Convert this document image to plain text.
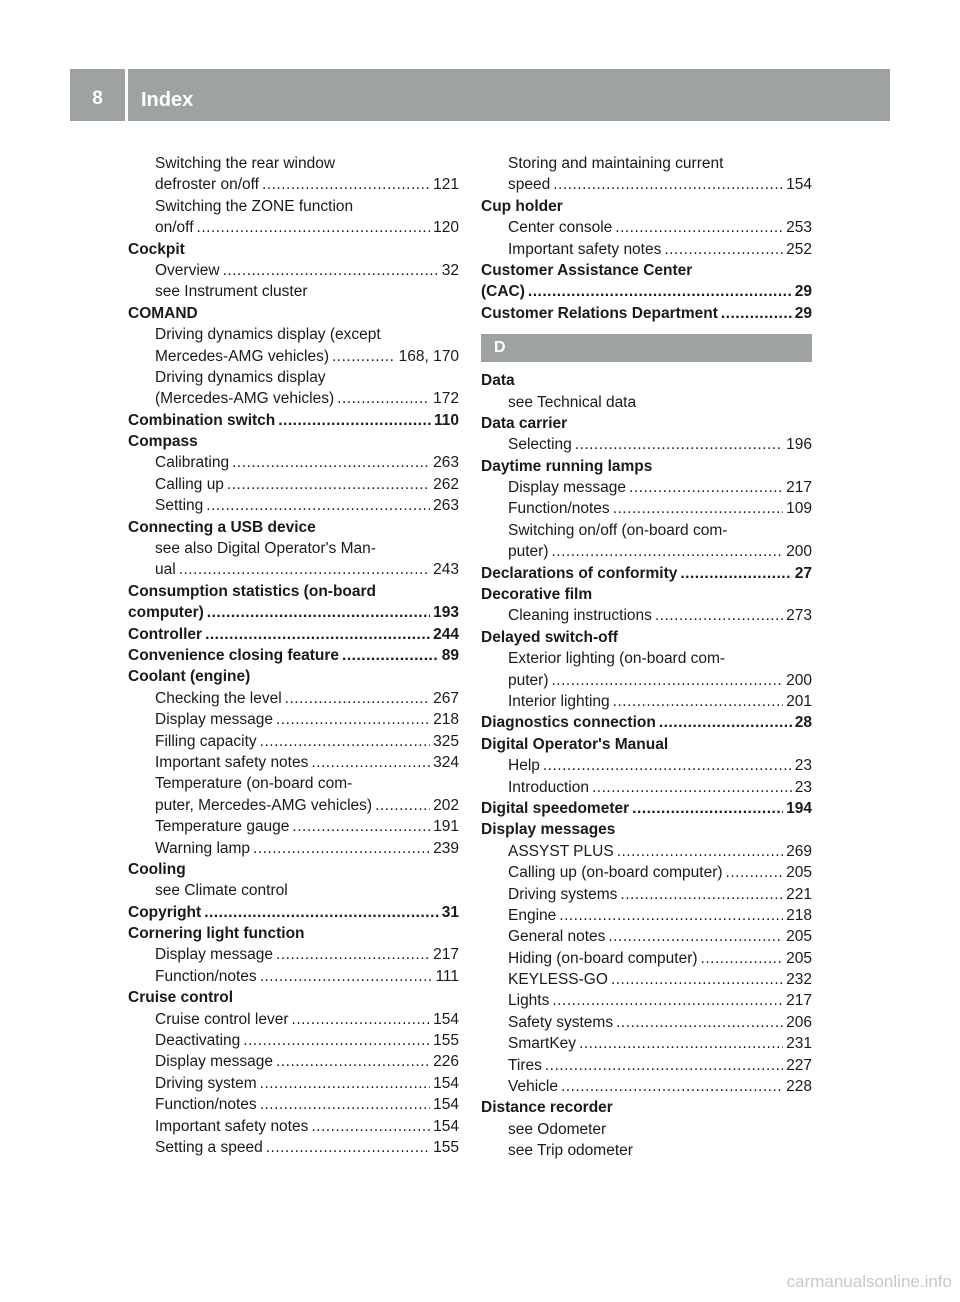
8	Index
Switching the rear window
defroster on/off .....	121
Switching the ZONE function
on/off .....	120
Cockpit
Overview .....	32
see Instrument cluster
COMAND
Driving dynamics display (except
Mercedes-AMG vehicles) .....	168, 170
Driving dynamics display
(Mercedes-AMG vehicles) .....	172
Combination switch .....	110
Compass
Calibrating .....	263
Calling up .....	262
Setting .....	263
Connecting a USB device
see also Digital Operator's Man-
ual .....	243
Consumption statistics (on-board
computer) .....	193
Controller .....	244
Convenience closing feature .....	89
Coolant (engine)
Checking the level .....	267
Display message .....	218
Filling capacity .....	325
Important safety notes .....	324
Temperature (on-board com-
puter, Mercedes-AMG vehicles) .....	202
Temperature gauge .....	191
Warning lamp .....	239
Cooling
see Climate control
Copyright .....	31
Cornering light function
Display message .....	217
Function/notes .....	111
Cruise control
Cruise control lever .....	154
Deactivating .....	155
Display message .....	226
Driving system .....	154
Function/notes .....	154
Important safety notes .....	154
Setting a speed .....	155
Storing and maintaining current
speed .....	154
Cup holder
Center console .....	253
Important safety notes .....	252
Customer Assistance Center
(CAC) .....	29
Customer Relations Department .....	29
D
Data
see Technical data
Data carrier
Selecting .....	196
Daytime running lamps
Display message .....	217
Function/notes .....	109
Switching on/off (on-board com-
puter) .....	200
Declarations of conformity .....	27
Decorative film
Cleaning instructions .....	273
Delayed switch-off
Exterior lighting (on-board com-
puter) .....	200
Interior lighting .....	201
Diagnostics connection .....	28
Digital Operator's Manual
Help .....	23
Introduction .....	23
Digital speedometer .....	194
Display messages
ASSYST PLUS .....	269
Calling up (on-board computer) .....	205
Driving systems .....	221
Engine .....	218
General notes .....	205
Hiding (on-board computer) .....	205
KEYLESS-GO .....	232
Lights .....	217
Safety systems .....	206
SmartKey .....	231
Tires .....	227
Vehicle .....	228
Distance recorder
see Odometer
see Trip odometer
carmanualsonline.info
